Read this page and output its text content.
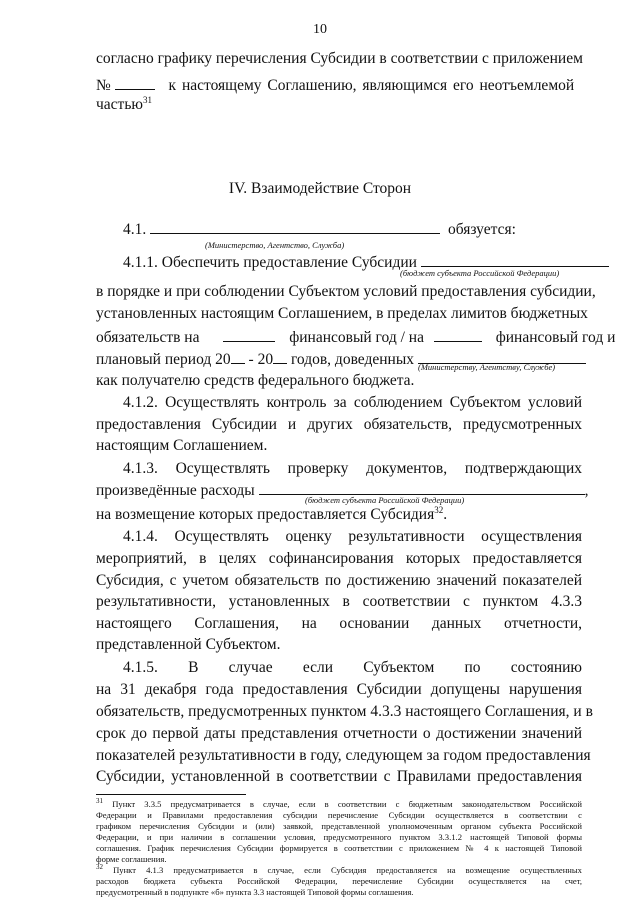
10
согласно графику перечисления Субсидии в соответствии с приложением
№	к настоящему Соглашению, являющимся его неотъемлемой
частью$^{31}$
IV. Взаимодействие Сторон
4.1.	обязуется:
(Министерство, Агентство, Служба)
4.1.1. Обеспечить предоставление Субсидии
(бюджет субъекта Российской Федерации)
в порядке и при соблюдении Субъектом условий предоставления субсидии,
установленных настоящим Соглашением, в пределах лимитов бюджетных
обязательств на	финансовый год / на	финансовый год и
плановый период 20 - 20 годов, доведенных (Министерству, Агентству, Службе)
как получателю средств федерального бюджета.
4.1.2. Осуществлять контроль за соблюдением Субъектом условий
предоставления Субсидии и других обязательств, предусмотренных
настоящим Соглашением.
4.1.3. Осуществлять проверку документов, подтверждающих
произведённые расходы	,
(бюджет субъекта Российской Федерации)
на возмещение которых предоставляется Субсидия$^{32}$.
4.1.4. Осуществлять оценку результативности осуществления
мероприятий, в целях софинансирования которых предоставляется
Субсидия, с учетом обязательств по достижению значений показателей
результативности, установленных в соответствии с пунктом 4.3.3
настоящего Соглашения, на основании данных отчетности,
представленной Субъектом.
4.1.5. В случае если Субъектом по состоянию
на 31 декабря года предоставления Субсидии допущены нарушения
обязательств, предусмотренных пунктом 4.3.3 настоящего Соглашения, и в
срок до первой даты представления отчетности о достижении значений
показателей результативности в году, следующем за годом предоставления
Субсидии, установленной в соответствии с Правилами предоставления
$^{31}$ Пункт 3.3.5 предусматривается в случае, если в соответствии с бюджетным законодательством Российской
Федерации и Правилами предоставления субсидии перечисление Субсидии осуществляется в соответствии с
графиком перечисления Субсидии и (или) заявкой, представленной уполномоченным органом субъекта Российской
Федерации, и при наличии в соглашении условия, предусмотренного пунктом 3.3.1.2 настоящей Типовой формы
соглашения. График перечисления Субсидии формируется в соответствии с приложением № 4 к настоящей Типовой
форме соглашения.
$^{32}$ Пункт 4.1.3 предусматривается в случае, если Субсидия предоставляется на возмещение осуществленных
расходов бюджета субъекта Российской Федерации, перечисление Субсидии осуществляется на счет,
предусмотренный в подпункте «б» пункта 3.3 настоящей Типовой формы соглашения.
